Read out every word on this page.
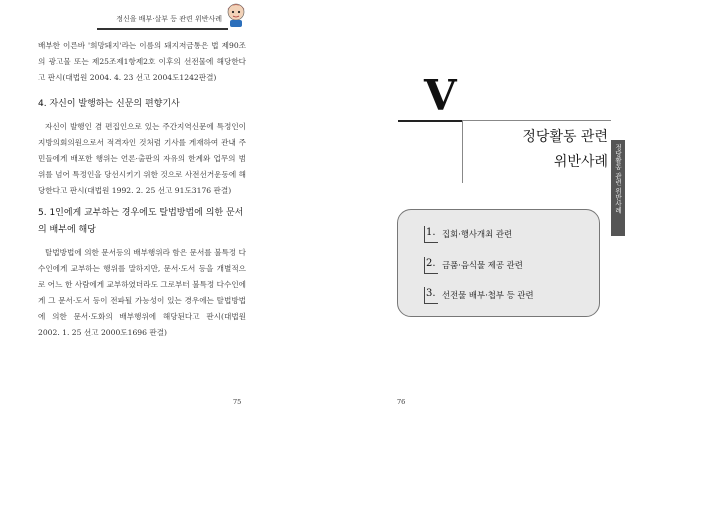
정신을 배부·살부 등 관련 위반사례

배부한 이른바 '희망돼지'라는 이름의 돼지저금통은 법 제90조의 광고물 또는 제25조제1항제2호 이후의 선전물에 해당한다고 판시(대법원 2004. 4. 23 선고 2004도1242판결)

4. 자신이 발행하는 신문의 편향기사

자신이 발행인 겸 편집인으로 있는 주간지역신문에 특정인이 지방의회의원으로서 적격자인 것처럼 기사를 게재하여 관내 주민들에게 배포한 행위는 언론·출판의 자유의 한계와 업무의 범위를 넘어 특정인을 당선시키기 위한 것으로 사전선거운동에 해당한다고 판시(대법원 1992. 2. 25 선고 91도3176 판결)

5. 1인에게 교부하는 경우에도 탈법방법에 의한 문서의 배부에 해당

탈법방법에 의한 문서등의 배부행위라 함은 문서를 불특정 다수인에게 교부하는 행위를 말하지만, 문서·도서 등을 개별적으로 어느 한 사람에게 교부하였더라도 그로부터 불특정 다수인에게 그 문서·도서 등이 전파될 가능성이 있는 경우에는 탈법방법에 의한 문서·도화의 배부행위에 해당된다고 판시(대법원 2002. 1. 25 선고 2000도1696 판결)

75
V
정당활동 관련
위반사례 정당활동 관련 위반사례
1. 집회·행사개최 관련
2. 금품·음식물 제공 관련
3. 선전물 배부·첩부 등 관련
76
